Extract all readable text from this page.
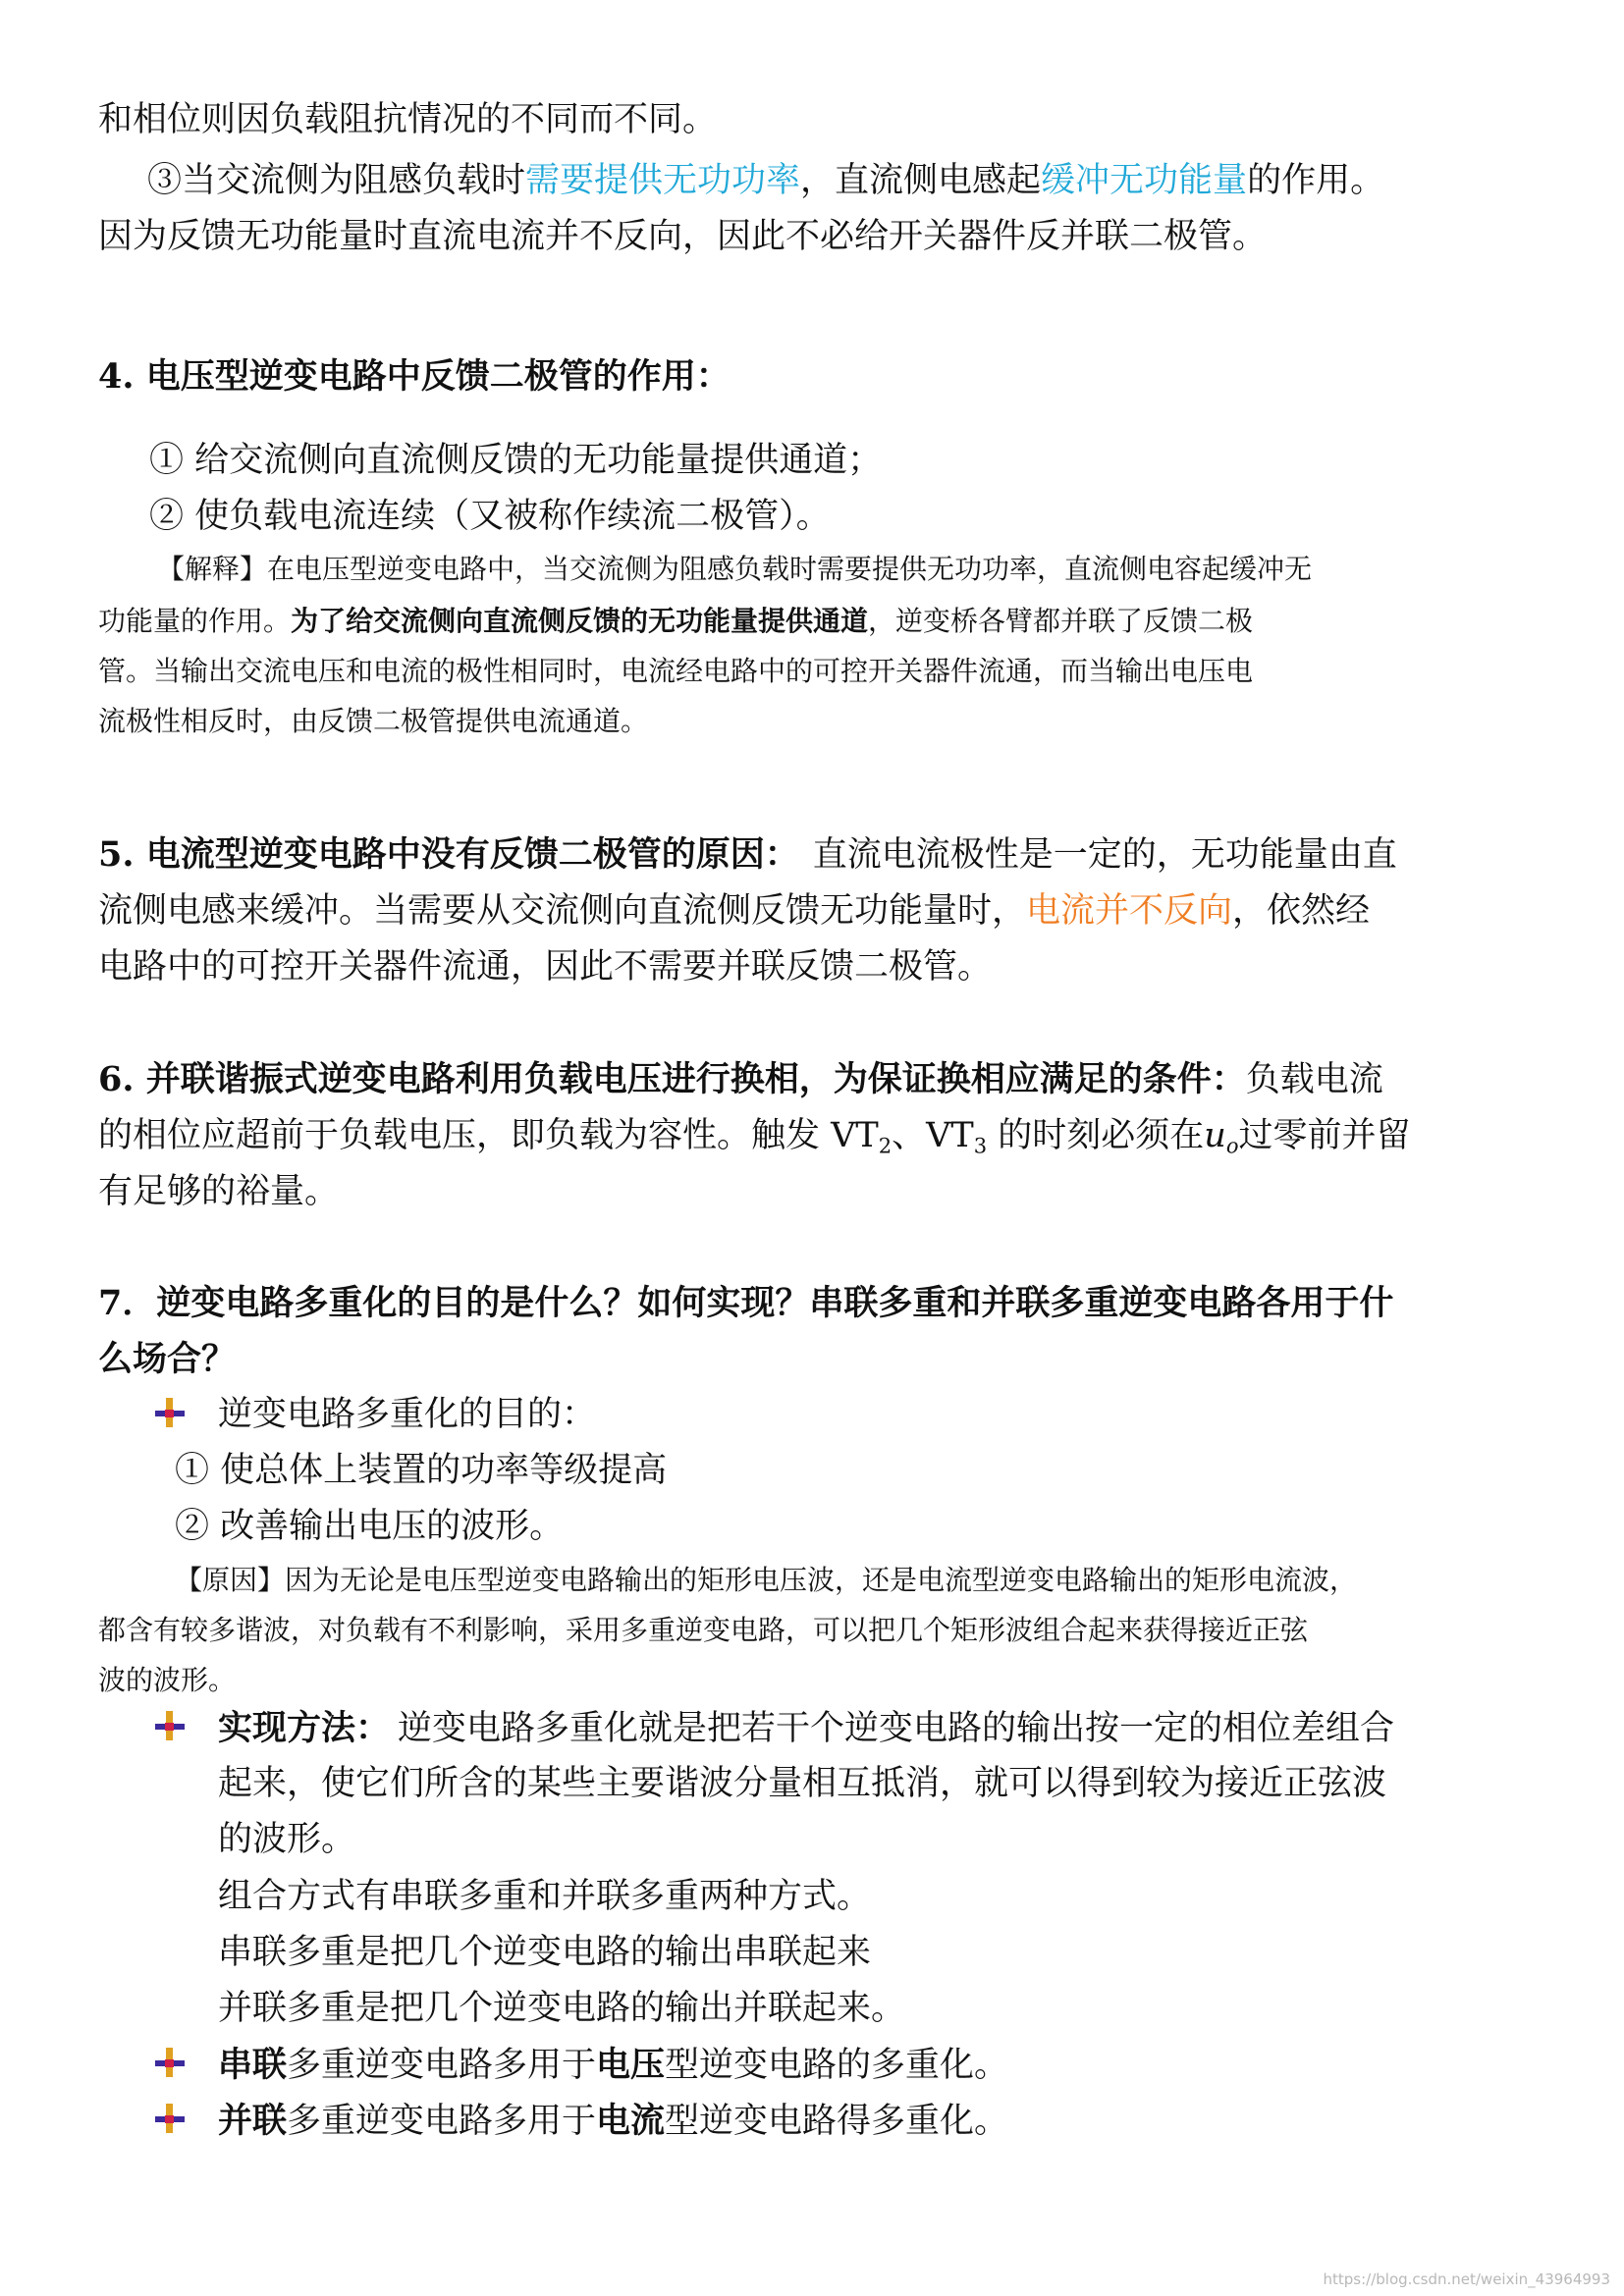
和相位则因负载阻抗情况的不同而不同。
③当交流侧为阻感负载时需要提供无功功率，直流侧电感起缓冲无功能量的作用。
因为反馈无功能量时直流电流并不反向，因此不必给开关器件反并联二极管。
4. 电压型逆变电路中反馈二极管的作用：
① 给交流侧向直流侧反馈的无功能量提供通道；
② 使负载电流连续（又被称作续流二极管）。
【解释】在电压型逆变电路中，当交流侧为阻感负载时需要提供无功功率，直流侧电容起缓冲无
功能量的作用。为了给交流侧向直流侧反馈的无功能量提供通道，逆变桥各臂都并联了反馈二极
管。当输出交流电压和电流的极性相同时，电流经电路中的可控开关器件流通，而当输出电压电
流极性相反时，由反馈二极管提供电流通道。
5. 电流型逆变电路中没有反馈二极管的原因： 直流电流极性是一定的，无功能量由直
流侧电感来缓冲。当需要从交流侧向直流侧反馈无功能量时，电流并不反向，依然经
电路中的可控开关器件流通，因此不需要并联反馈二极管。
6. 并联谐振式逆变电路利用负载电压进行换相，为保证换相应满足的条件：负载电流
的相位应超前于负载电压，即负载为容性。触发 $VT_2$、$VT_3$ 的时刻必须在$u_o$过零前并留
有足够的裕量。
7．逆变电路多重化的目的是什么？如何实现？串联多重和并联多重逆变电路各用于什
么场合？
逆变电路多重化的目的：
① 使总体上装置的功率等级提高
② 改善输出电压的波形。
【原因】因为无论是电压型逆变电路输出的矩形电压波，还是电流型逆变电路输出的矩形电流波，
都含有较多谐波，对负载有不利影响，采用多重逆变电路，可以把几个矩形波组合起来获得接近正弦
波的波形。
实现方法： 逆变电路多重化就是把若干个逆变电路的输出按一定的相位差组合
起来，使它们所含的某些主要谐波分量相互抵消，就可以得到较为接近正弦波
的波形。
组合方式有串联多重和并联多重两种方式。
串联多重是把几个逆变电路的输出串联起来
并联多重是把几个逆变电路的输出并联起来。
串联多重逆变电路多用于电压型逆变电路的多重化。
并联多重逆变电路多用于电流型逆变电路得多重化。
https://blog.csdn.net/weixin_43964993
